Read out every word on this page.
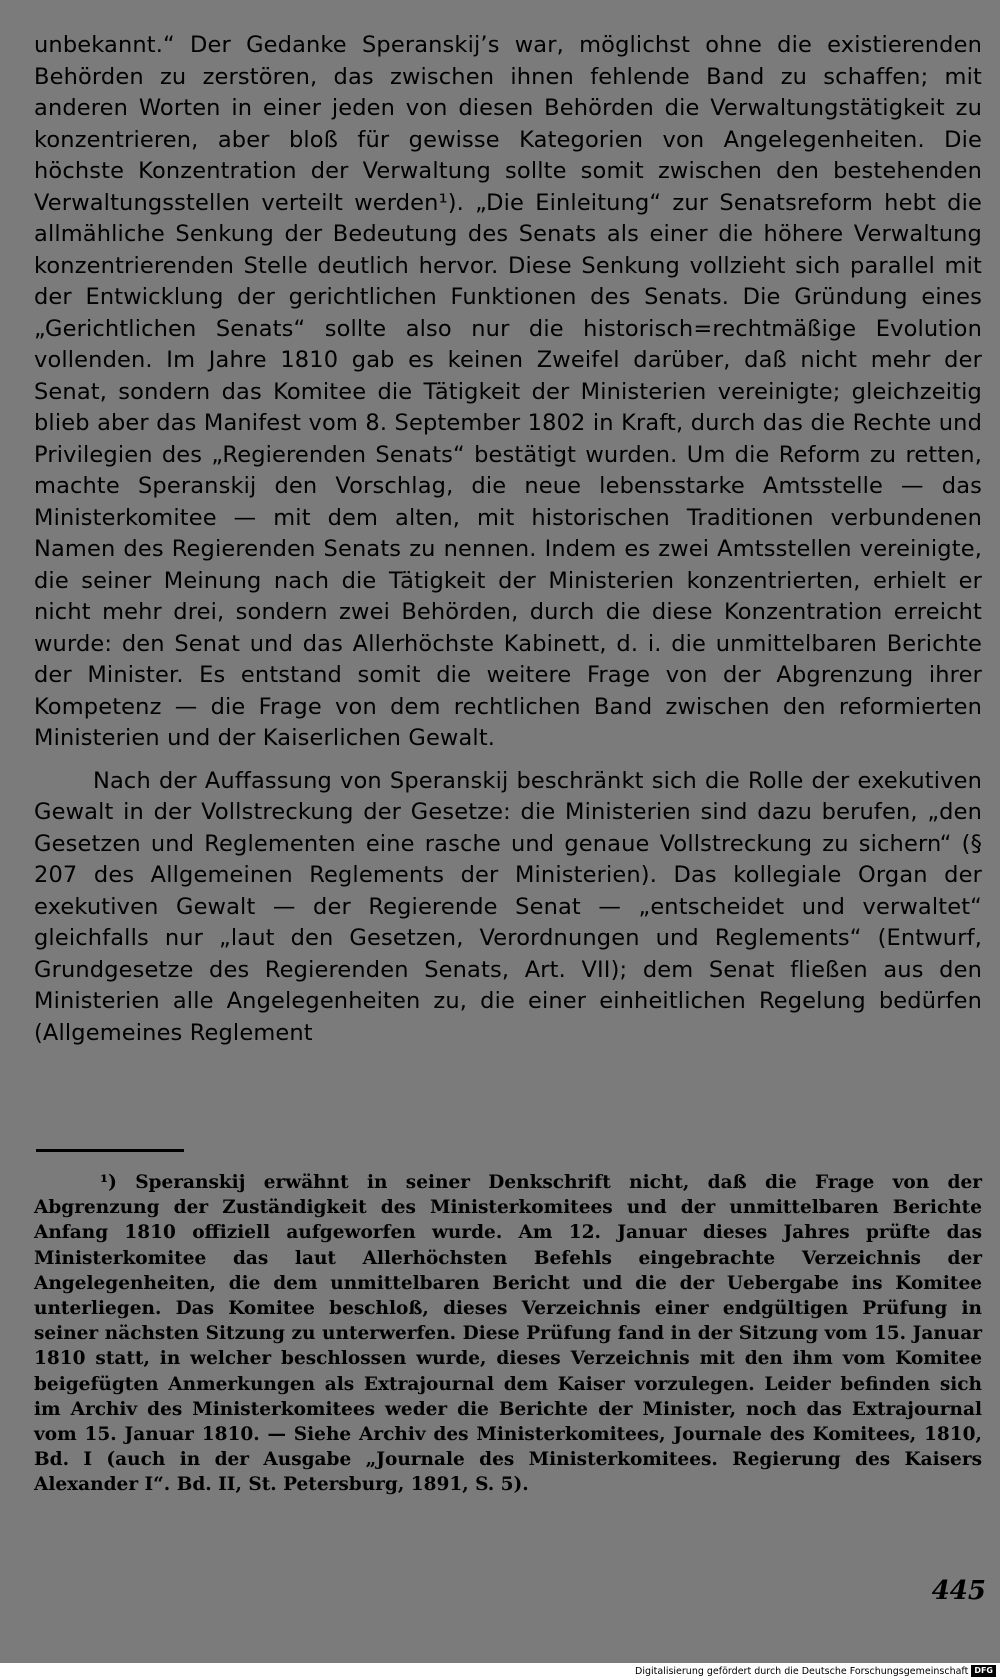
unbekannt.“ Der Gedanke Speranskij’s war, möglichst ohne die existierenden Behörden zu zerstören, das zwischen ihnen fehlende Band zu schaffen; mit anderen Worten in einer jeden von diesen Behörden die Verwaltungstätigkeit zu konzentrieren, aber bloß für gewisse Kategorien von Angelegenheiten. Die höchste Konzentration der Verwaltung sollte somit zwischen den bestehenden Verwaltungsstellen verteilt werden¹). „Die Einleitung“ zur Senatsreform hebt die allmähliche Senkung der Bedeutung des Senats als einer die höhere Verwaltung konzentrierenden Stelle deutlich hervor. Diese Senkung vollzieht sich parallel mit der Entwicklung der gerichtlichen Funktionen des Senats. Die Gründung eines „Gerichtlichen Senats“ sollte also nur die historisch=rechtmäßige Evolution vollenden. Im Jahre 1810 gab es keinen Zweifel darüber, daß nicht mehr der Senat, sondern das Komitee die Tätigkeit der Ministerien vereinigte; gleichzeitig blieb aber das Manifest vom 8. September 1802 in Kraft, durch das die Rechte und Privilegien des „Regierenden Senats“ bestätigt wurden. Um die Reform zu retten, machte Speranskij den Vorschlag, die neue lebensstarke Amtsstelle — das Ministerkomitee — mit dem alten, mit historischen Traditionen verbundenen Namen des Regierenden Senats zu nennen. Indem es zwei Amtsstellen vereinigte, die seiner Meinung nach die Tätigkeit der Ministerien konzentrierten, erhielt er nicht mehr drei, sondern zwei Behörden, durch die diese Konzentration erreicht wurde: den Senat und das Allerhöchste Kabinett, d. i. die unmittelbaren Berichte der Minister. Es entstand somit die weitere Frage von der Abgrenzung ihrer Kompetenz — die Frage von dem rechtlichen Band zwischen den reformierten Ministerien und der Kaiserlichen Gewalt.

Nach der Auffassung von Speranskij beschränkt sich die Rolle der exekutiven Gewalt in der Vollstreckung der Gesetze: die Ministerien sind dazu berufen, „den Gesetzen und Reglementen eine rasche und genaue Vollstreckung zu sichern“ (§ 207 des Allgemeinen Reglements der Ministerien). Das kollegiale Organ der exekutiven Gewalt — der Regierende Senat — „entscheidet und verwaltet“ gleichfalls nur „laut den Gesetzen, Verordnungen und Reglements“ (Entwurf, Grundgesetze des Regierenden Senats, Art. VII); dem Senat fließen aus den Ministerien alle Angelegenheiten zu, die einer einheitlichen Regelung bedürfen (Allgemeines Reglement

¹) Speranskij erwähnt in seiner Denkschrift nicht, daß die Frage von der Abgrenzung der Zuständigkeit des Ministerkomitees und der unmittelbaren Berichte Anfang 1810 offiziell aufgeworfen wurde. Am 12. Januar dieses Jahres prüfte das Ministerkomitee das laut Allerhöchsten Befehls eingebrachte Verzeichnis der Angelegenheiten, die dem unmittelbaren Bericht und die der Uebergabe ins Komitee unterliegen. Das Komitee beschloß, dieses Verzeichnis einer endgültigen Prüfung in seiner nächsten Sitzung zu unterwerfen. Diese Prüfung fand in der Sitzung vom 15. Januar 1810 statt, in welcher beschlossen wurde, dieses Verzeichnis mit den ihm vom Komitee beigefügten Anmerkungen als Extrajournal dem Kaiser vorzulegen. Leider befinden sich im Archiv des Ministerkomitees weder die Berichte der Minister, noch das Extrajournal vom 15. Januar 1810. — Siehe Archiv des Ministerkomitees, Journale des Komitees, 1810, Bd. I (auch in der Ausgabe „Journale des Ministerkomitees. Regierung des Kaisers Alexander I“. Bd. II, St. Petersburg, 1891, S. 5).

445
Digitalisierung gefördert durch die Deutsche Forschungsgemeinschaft DFG
